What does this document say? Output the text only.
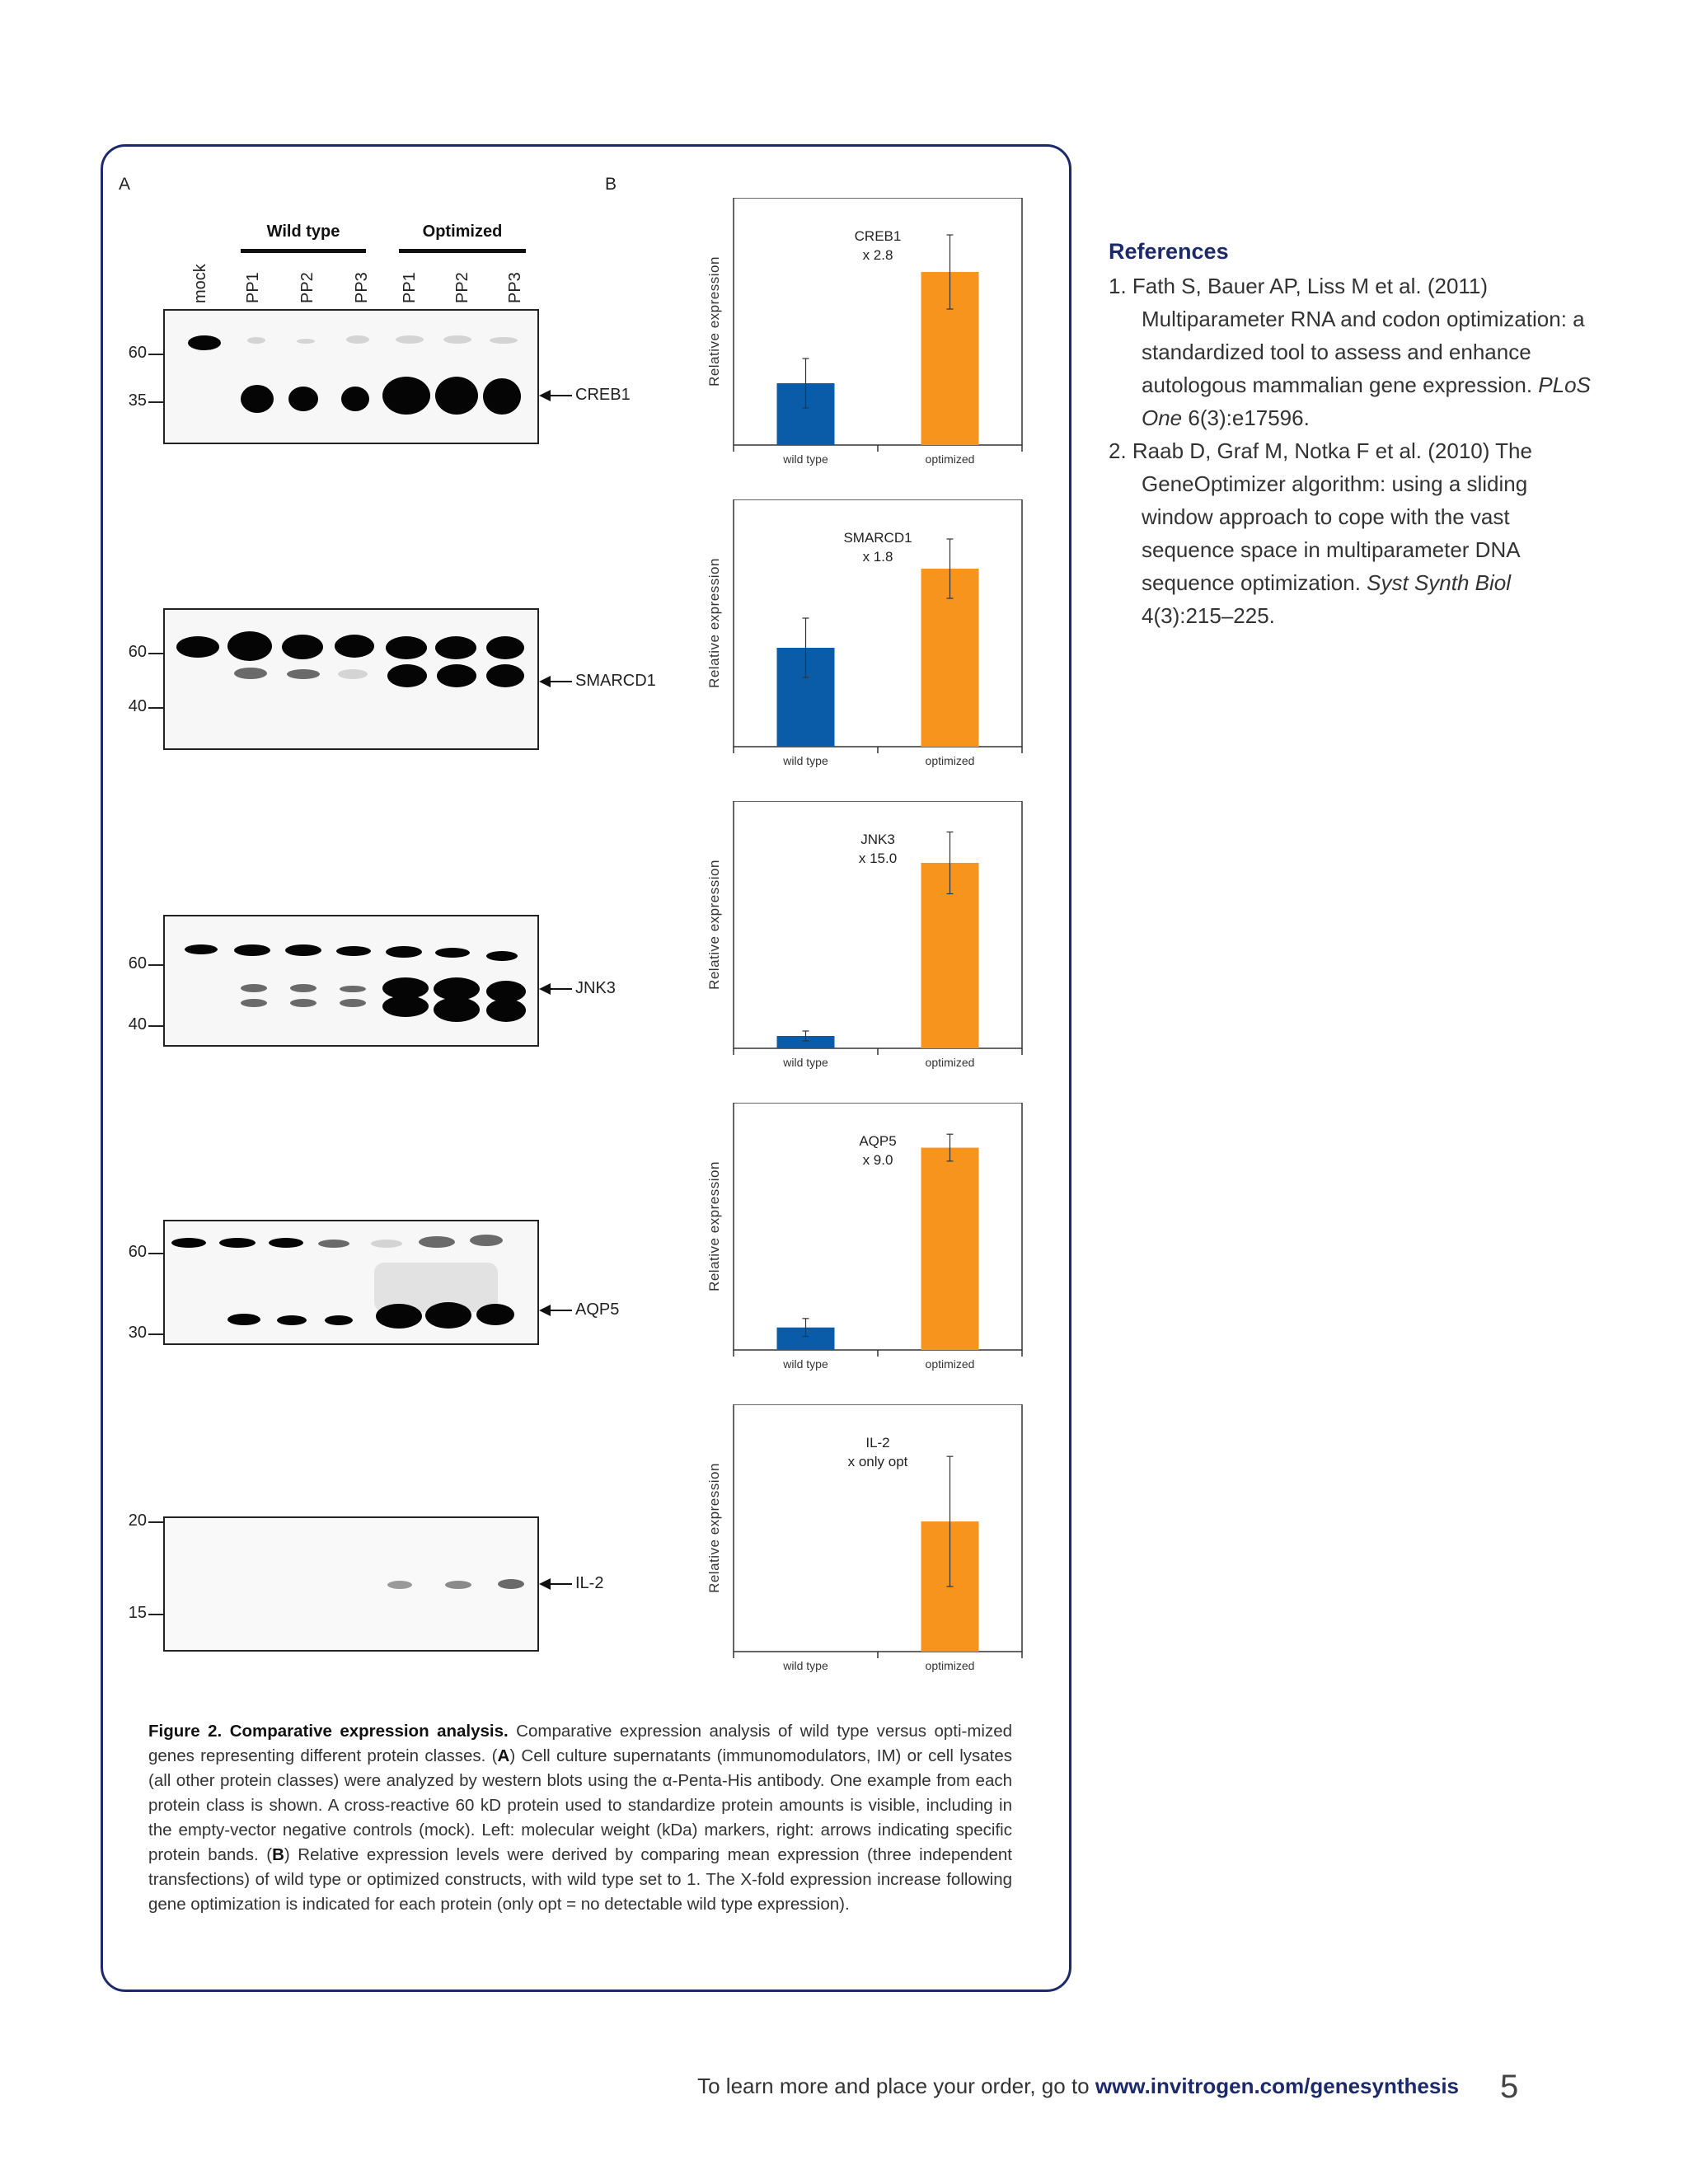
A	B
Wild type	Optimized
mock PP1 PP2 PP3 PP1 PP2 PP3
60
35	CREB1
60
40
SMARCD1
60
40
JNK3
60
30
AQP5
20
15
IL-2
Relative expression
wild type	optimized
CREB1
x 2.8
Relative expression
wild type	optimized
SMARCD1
x 1.8
Relative expression
wild type	optimized
JNK3
x 15.0
Relative expression
wild type	optimized
AQP5
x 9.0
Relative expression
wild type	optimized
IL-2
x only opt
Figure 2. Comparative expression analysis. Comparative expression analysis of wild type versus opti-mized genes representing different protein classes. (A) Cell culture supernatants (immunomodulators, IM) or cell lysates (all other protein classes) were analyzed by western blots using the α-Penta-His antibody. One example from each protein class is shown. A cross-reactive 60 kD protein used to standardize protein amounts is visible, including in the empty-vector negative controls (mock). Left: molecular weight (kDa) markers, right: arrows indicating specific protein bands. (B) Relative expression levels were derived by comparing mean expression (three independent transfections) of wild type or optimized constructs, with wild type set to 1. The X-fold expression increase following gene optimization is indicated for each protein (only opt = no detectable wild type expression).
References
1. Fath S, Bauer AP, Liss M et al. (2011) Multiparameter RNA and codon optimization: a standardized tool to assess and enhance autologous mammalian gene expression. PLoS One 6(3):e17596.
2. Raab D, Graf M, Notka F et al. (2010) The GeneOptimizer algorithm: using a sliding window approach to cope with the vast sequence space in multiparameter DNA sequence optimization. Syst Synth Biol 4(3):215–225.
To learn more and place your order, go to www.invitrogen.com/genesynthesis 5
